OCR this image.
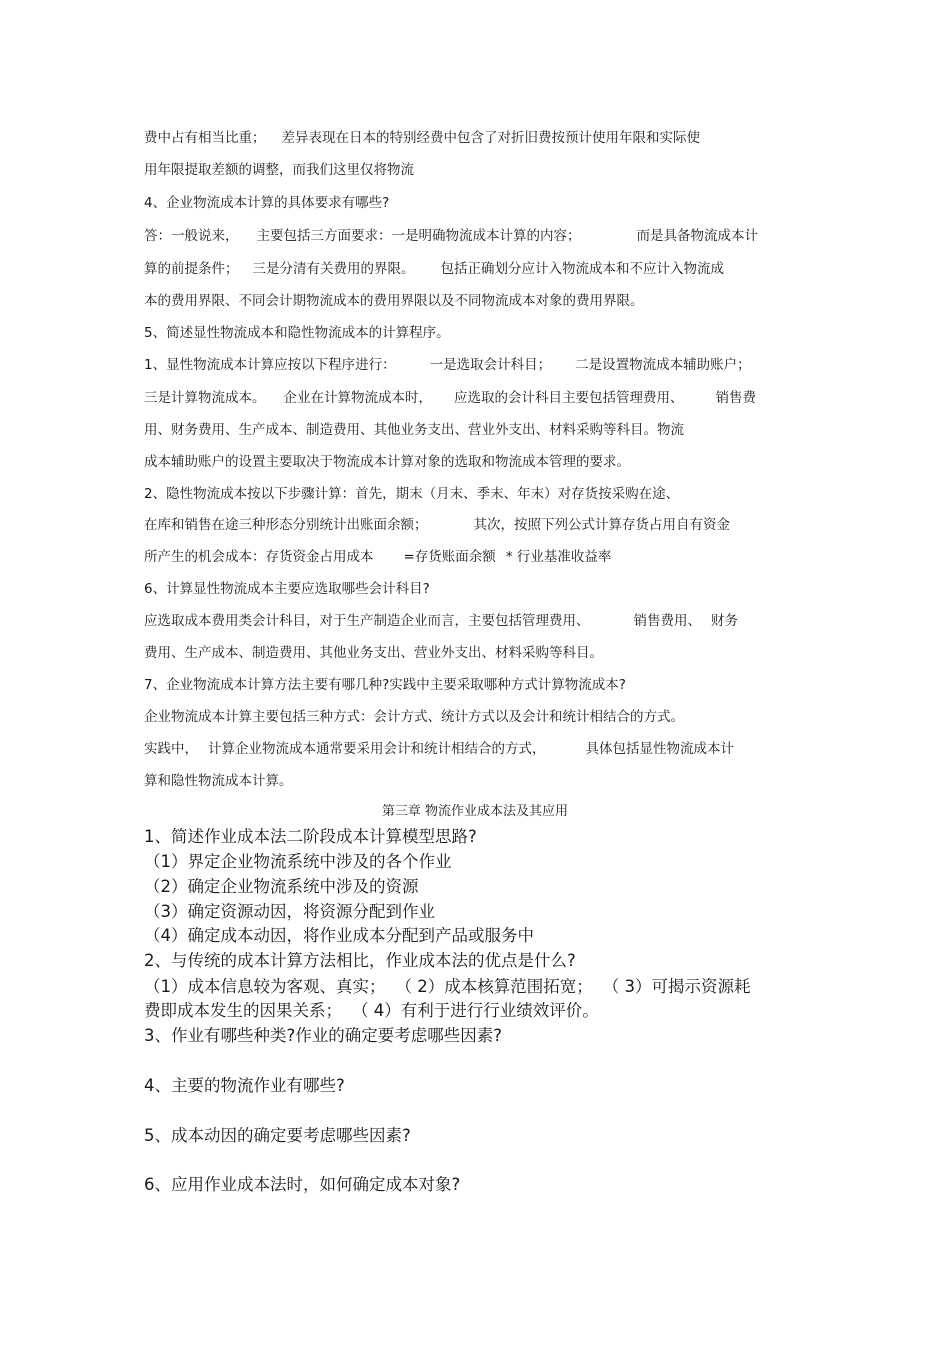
费中占有相当比重； 差异表现在日本的特别经费中包含了对折旧费按预计使用年限和实际使
用年限提取差额的调整，而我们这里仅将物流
4、企业物流成本计算的具体要求有哪些?
答：一般说来， 主要包括三方面要求：一是明确物流成本计算的内容；	而是具备物流成本计
算的前提条件； 三是分清有关费用的界限。 包括正确划分应计入物流成本和不应计入物流成
本的费用界限、不同会计期物流成本的费用界限以及不同物流成本对象的费用界限。
5、简述显性物流成本和隐性物流成本的计算程序。
1、显性物流成本计算应按以下程序进行：	一是选取会计科目； 二是设置物流成本辅助账户；
三是计算物流成本。 企业在计算物流成本时， 应选取的会计科目主要包括管理费用、 销售费
用、财务费用、生产成本、制造费用、其他业务支出、营业外支出、材料采购等科目。物流
成本辅助账户的设置主要取决于物流成本计算对象的选取和物流成本管理的要求。
2、隐性物流成本按以下步骤计算：首先，期末（月末、季末、年末）对存货按采购在途、
在库和销售在途三种形态分别统计出账面余额；	其次，按照下列公式计算存货占用自有资金
所产生的机会成本：存货资金占用成本 =存货账面余额 * 行业基准收益率
6、计算显性物流成本主要应选取哪些会计科目?
应选取成本费用类会计科目，对于生产制造企业而言，主要包括管理费用、	销售费用、 财务
费用、生产成本、制造费用、其他业务支出、营业外支出、材料采购等科目。
7、企业物流成本计算方法主要有哪几种?实践中主要采取哪种方式计算物流成本?
企业物流成本计算主要包括三种方式：会计方式、统计方式以及会计和统计相结合的方式。
实践中， 计算企业物流成本通常要采用会计和统计相结合的方式，	具体包括显性物流成本计
算和隐性物流成本计算。
第三章 物流作业成本法及其应用
1、简述作业成本法二阶段成本计算模型思路?
（1）界定企业物流系统中涉及的各个作业
（2）确定企业物流系统中涉及的资源
（3）确定资源动因，将资源分配到作业
（4）确定成本动因，将作业成本分配到产品或服务中
2、与传统的成本计算方法相比，作业成本法的优点是什么?
（1）成本信息较为客观、真实； （ 2）成本核算范围拓宽； （ 3）可揭示资源耗
费即成本发生的因果关系； （ 4）有利于进行行业绩效评价。
3、作业有哪些种类?作业的确定要考虑哪些因素?
4、主要的物流作业有哪些?
5、成本动因的确定要考虑哪些因素?
6、应用作业成本法时，如何确定成本对象?
